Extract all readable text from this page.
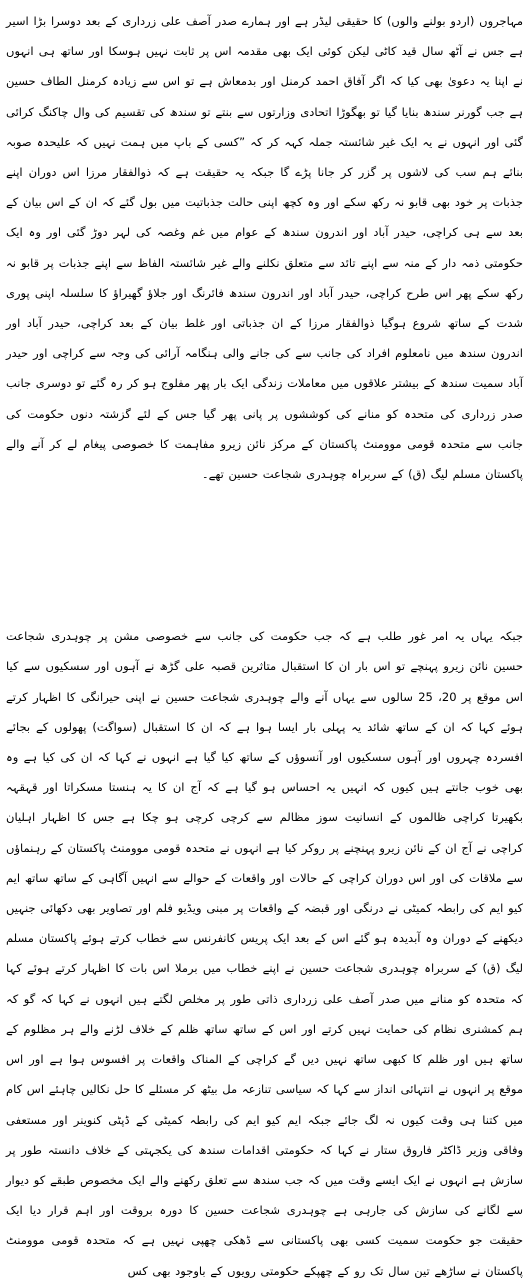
مہاجروں (اردو بولنے والوں) کا حقیقی لیڈر ہے اور ہمارے صدر آصف علی زرداری کے بعد دوسرا بڑا اسیر ہے جس نے آٹھ سال قید کاٹی لیکن کوئی ایک بھی مقدمہ اس پر ثابت نہیں ہوسکا اور ساتھ ہی انہوں نے اپنا یہ دعویٰ بھی کیا کہ اگر آفاق احمد کرمنل اور بدمعاش ہے تو اس سے زیادہ کرمنل الطاف حسین ہے جب گورنر سندھ بنایا گیا تو بھگوڑا اتحادی وزارتوں سے بنتے تو سندھ کی تقسیم کی وال چاکنگ کرائی گئی اور انہوں نے یہ ایک غیر شائستہ جملہ کہہ کر کہ ”کسی کے باپ میں ہمت نہیں کہ علیحدہ صوبہ بنائے ہم سب کی لاشوں پر گزر کر جانا پڑے گا جبکہ یہ حقیقت ہے کہ ذوالفقار مرزا اس دوران اپنے جذبات پر خود بھی قابو نہ رکھ سکے اور وہ کچھ اپنی حالت جذباتیت میں بول گئے کہ ان کے اس بیان کے بعد سے ہی کراچی، حیدر آباد اور اندرون سندھ کے عوام میں غم وغصہ کی لہر دوڑ گئی اور وہ ایک حکومتی ذمہ دار کے منہ سے اپنے تائد سے متعلق نکلنے والے غیر شائستہ الفاظ سے اپنے جذبات پر قابو نہ رکھ سکے پھر اس طرح کراچی، حیدر آباد اور اندرون سندھ فائرنگ اور جلاؤ گھیراؤ کا سلسلہ اپنی پوری شدت کے ساتھ شروع ہوگیا ذوالفقار مرزا کے ان جذباتی اور غلط بیان کے بعد کراچی، حیدر آباد اور اندرون سندھ میں نامعلوم افراد کی جانب سے کی جانے والی ہنگامہ آرائی کی وجہ سے کراچی اور حیدر آباد سمیت سندھ کے بیشتر علاقوں میں معاملات زندگی ایک بار پھر مفلوج ہو کر رہ گئے تو دوسری جانب صدر زرداری کی متحدہ کو منانے کی کوششوں پر پانی پھر گیا جس کے لئے گزشتہ دنوں حکومت کی جانب سے متحدہ قومی موومنٹ پاکستان کے مرکز نائن زیرو مفاہمت کا خصوصی پیغام لے کر آنے والے پاکستان مسلم لیگ (ق) کے سربراہ چوہدری شجاعت حسین تھے۔

جبکہ یہاں یہ امر غور طلب ہے کہ جب حکومت کی جانب سے خصوصی مشن پر چوہدری شجاعت حسین نائن زیرو پہنچے تو اس بار ان کا استقبال متاثرین قصبہ علی گڑھ نے آہوں اور سسکیوں سے کیا اس موقع پر 20، 25 سالوں سے یہاں آنے والے چوہدری شجاعت حسین نے اپنی حیرانگی کا اظہار کرتے ہوئے کہا کہ ان کے ساتھ شائد یہ پہلی بار ایسا ہوا ہے کہ ان کا استقبال (سواگت) پھولوں کے بجائے افسردہ چہروں اور آہوں سسکیوں اور آنسوؤں کے ساتھ کیا گیا ہے انہوں نے کہا کہ ان کی کیا ہے وہ بھی خوب جانتے ہیں کیوں کہ انہیں یہ احساس ہو گیا ہے کہ آج ان کا یہ ہنستا مسکراتا اور قہقہہ بکھیرتا کراچی ظالموں کے انسانیت سوز مظالم سے کرچی کرچی ہو چکا ہے جس کا اظہار اہلیان کراچی نے آج ان کے نائن زیرو پہنچنے پر روکر کیا ہے انہوں نے متحدہ قومی موومنٹ پاکستان کے رہنماؤں سے ملاقات کی اور اس دوران کراچی کے حالات اور واقعات کے حوالے سے انہیں آگاہی کے ساتھ ساتھ ایم کیو ایم کی رابطہ کمیٹی نے درنگی اور قبضہ کے واقعات پر مبنی ویڈیو فلم اور تصاویر بھی دکھائی جنہیں دیکھنے کے دوران وہ آبدیدہ ہو گئے اس کے بعد ایک پریس کانفرنس سے خطاب کرتے ہوئے پاکستان مسلم لیگ (ق) کے سربراہ چوہدری شجاعت حسین نے اپنے خطاب میں برملا اس بات کا اظہار کرتے ہوئے کہا کہ متحدہ کو منانے میں صدر آصف علی زرداری ذاتی طور پر مخلص لگتے ہیں انہوں نے کہا کہ گو کہ ہم کمشنری نظام کی حمایت نہیں کرتے اور اس کے ساتھ ساتھ ظلم کے خلاف لڑنے والے ہر مظلوم کے ساتھ ہیں اور ظلم کا کبھی ساتھ نہیں دیں گے کراچی کے المناک واقعات پر افسوس ہوا ہے اور اس موقع پر انہوں نے انتہائی انداز سے کہا کہ سیاسی تنازعہ مل بیٹھ کر مسئلے کا حل نکالیں چاہئے اس کام میں کتنا ہی وقت کیوں نہ لگ جائے جبکہ ایم کیو ایم کی رابطہ کمیٹی کے ڈپٹی کنوینر اور مستعفی وفاقی وزیر ڈاکٹر فاروق ستار نے کہا کہ حکومتی اقدامات سندھ کی یکجہتی کے خلاف دانستہ طور پر سازش ہے انہوں نے ایک ایسے وقت میں کہ جب سندھ سے تعلق رکھنے والے ایک مخصوص طبقے کو دیوار سے لگانے کی سازش کی جارہی ہے چوہدری شجاعت حسین کا دورہ بروقت اور اہم قرار دیا ایک حقیقت جو حکومت سمیت کسی بھی پاکستانی سے ڈھکی چھپی نہیں ہے کہ متحدہ قومی موومنٹ پاکستان نے ساڑھے تین سال تک رو کے چھپکے حکومتی رویوں کے باوجود بھی کس
